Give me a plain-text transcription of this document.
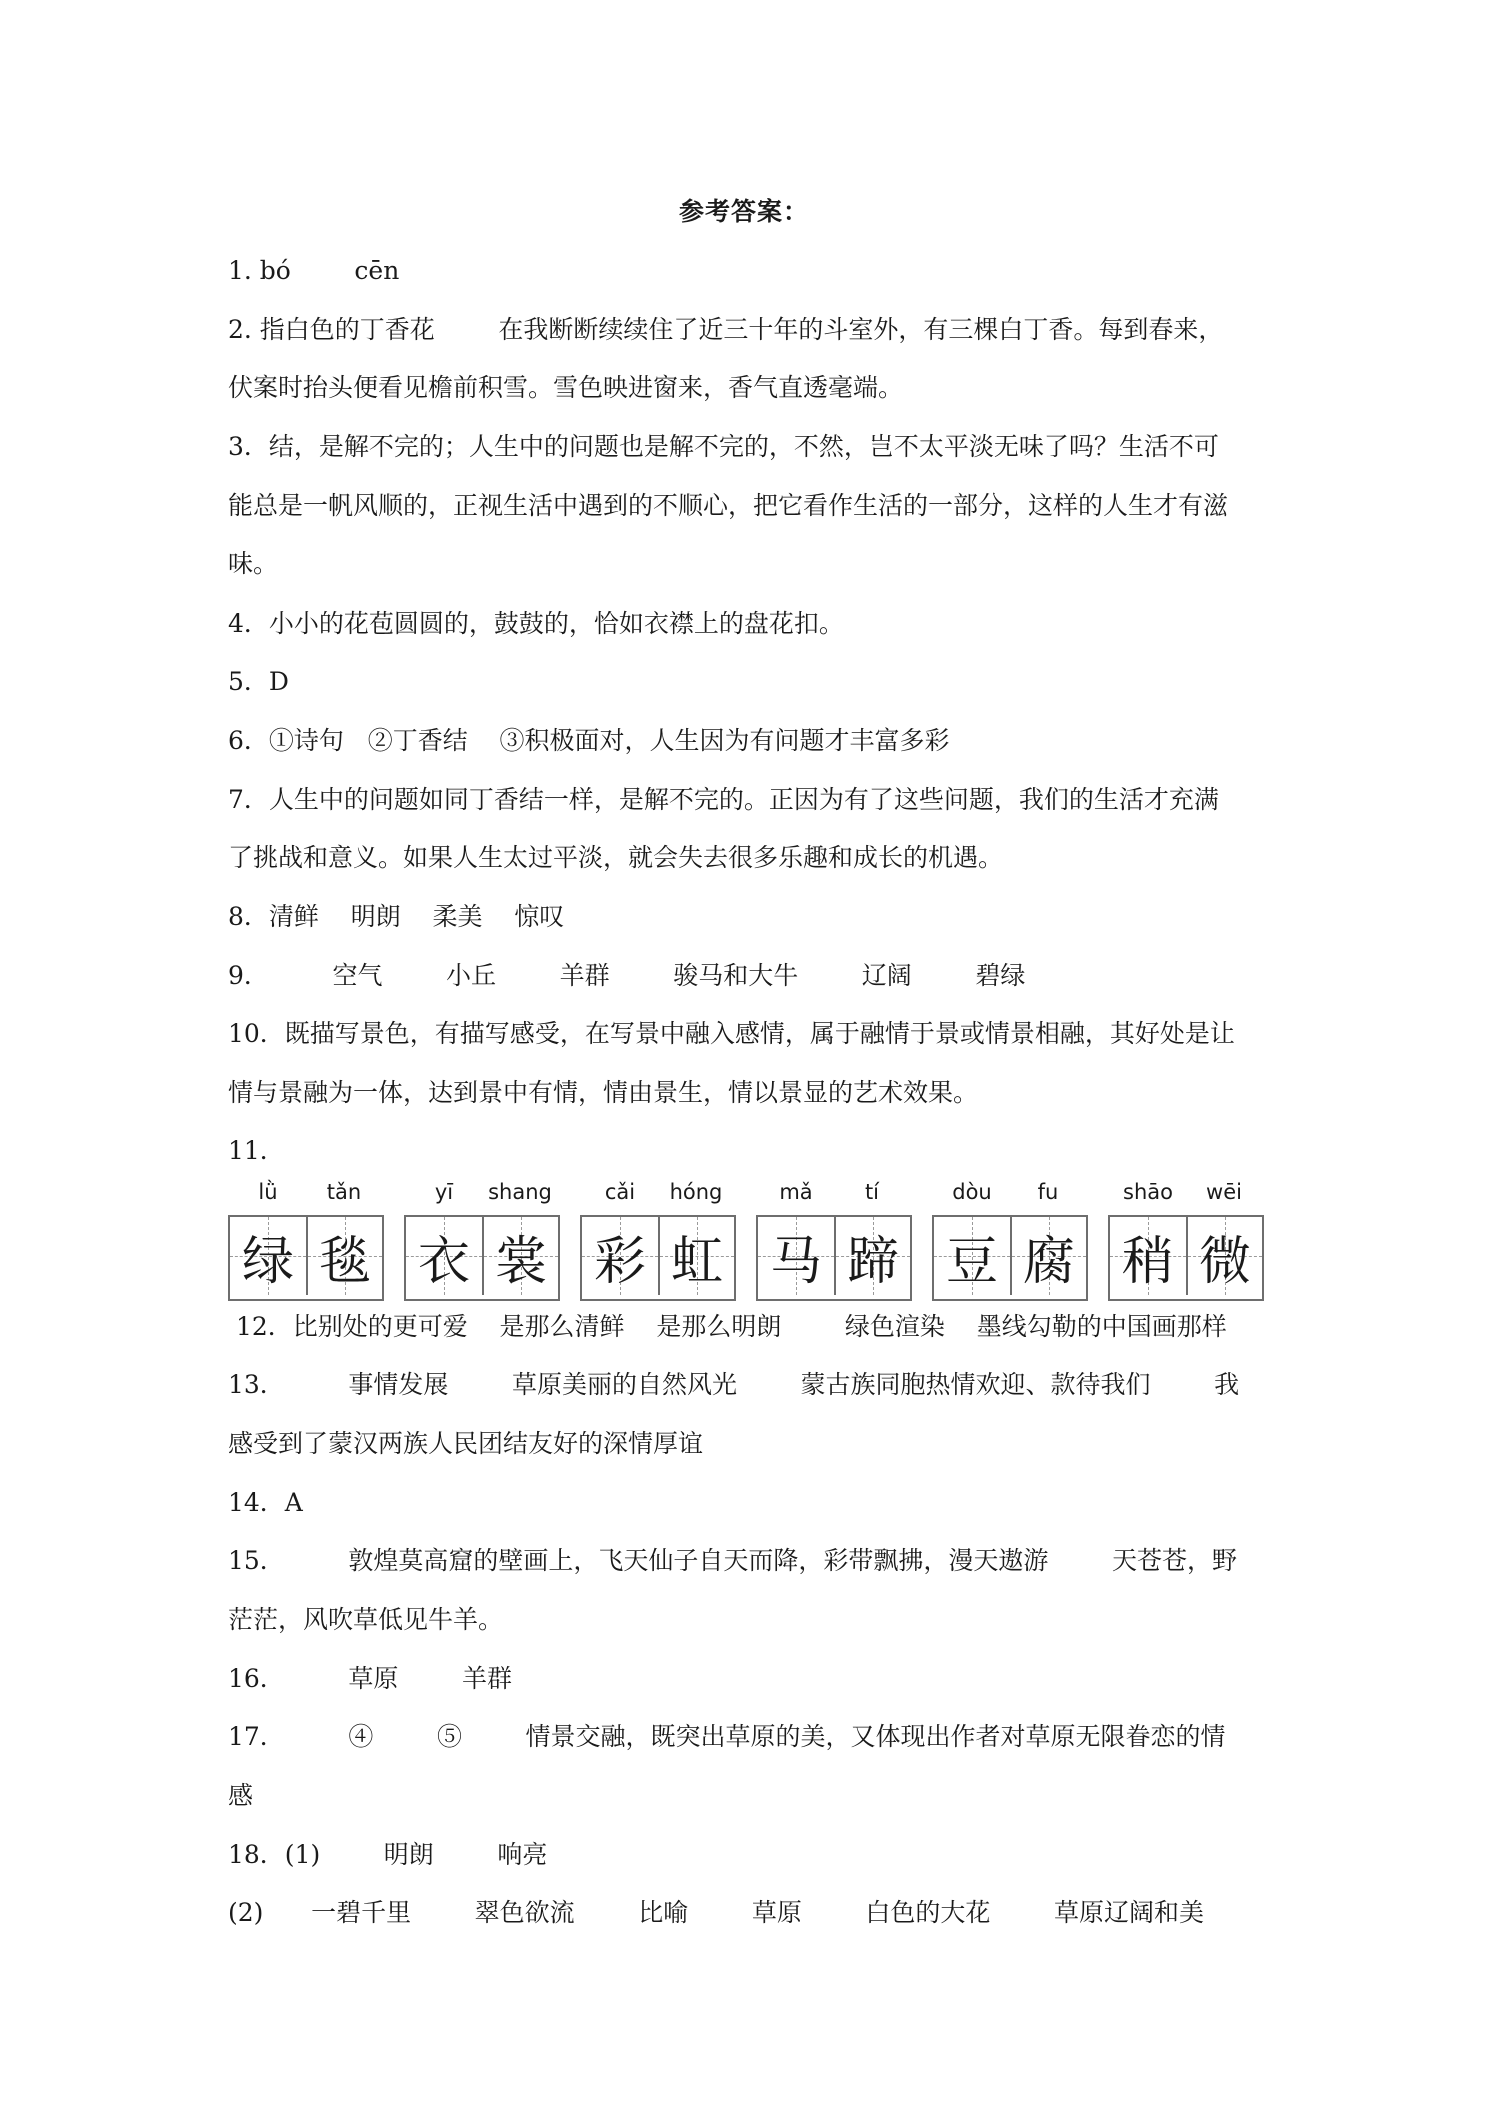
参考答案：
1. bó        cēn
2. 指白色的丁香花        在我断断续续住了近三十年的斗室外，有三棵白丁香。每到春来，
伏案时抬头便看见檐前积雪。雪色映进窗来，香气直透毫端。
3．结，是解不完的；人生中的问题也是解不完的，不然，岂不太平淡无味了吗？生活不可
能总是一帆风顺的，正视生活中遇到的不顺心，把它看作生活的一部分，这样的人生才有滋
味。
4．小小的花苞圆圆的，鼓鼓的，恰如衣襟上的盘花扣。
5．D
6．①诗句   ②丁香结    ③积极面对，人生因为有问题才丰富多彩
7．人生中的问题如同丁香结一样，是解不完的。正因为有了这些问题，我们的生活才充满
了挑战和意义。如果人生太过平淡，就会失去很多乐趣和成长的机遇。
8．清鲜    明朗    柔美    惊叹
9．        空气        小丘        羊群        骏马和大牛        辽阔        碧绿
10．既描写景色，有描写感受，在写景中融入感情，属于融情于景或情景相融，其好处是让
情与景融为一体，达到景中有情，情由景生，情以景显的艺术效果。
11．
lǜ	tǎn	yī	shang	cǎi	hóng	mǎ	tí	dòu	fu	shāo	wēi
绿 毯 衣 裳 彩 虹 马 蹄 豆 腐 稍 微
12．比别处的更可爱    是那么清鲜    是那么明朗        绿色渲染    墨线勾勒的中国画那样
13．        事情发展        草原美丽的自然风光        蒙古族同胞热情欢迎、款待我们        我
感受到了蒙汉两族人民团结友好的深情厚谊
14．A
15．        敦煌莫高窟的壁画上，飞天仙子自天而降，彩带飘拂，漫天遨游        天苍苍，野
茫茫，风吹草低见牛羊。
16．        草原        羊群
17．        ④        ⑤        情景交融，既突出草原的美，又体现出作者对草原无限眷恋的情
感
18．(1)        明朗        响亮
(2)      一碧千里        翠色欲流        比喻        草原        白色的大花        草原辽阔和美
